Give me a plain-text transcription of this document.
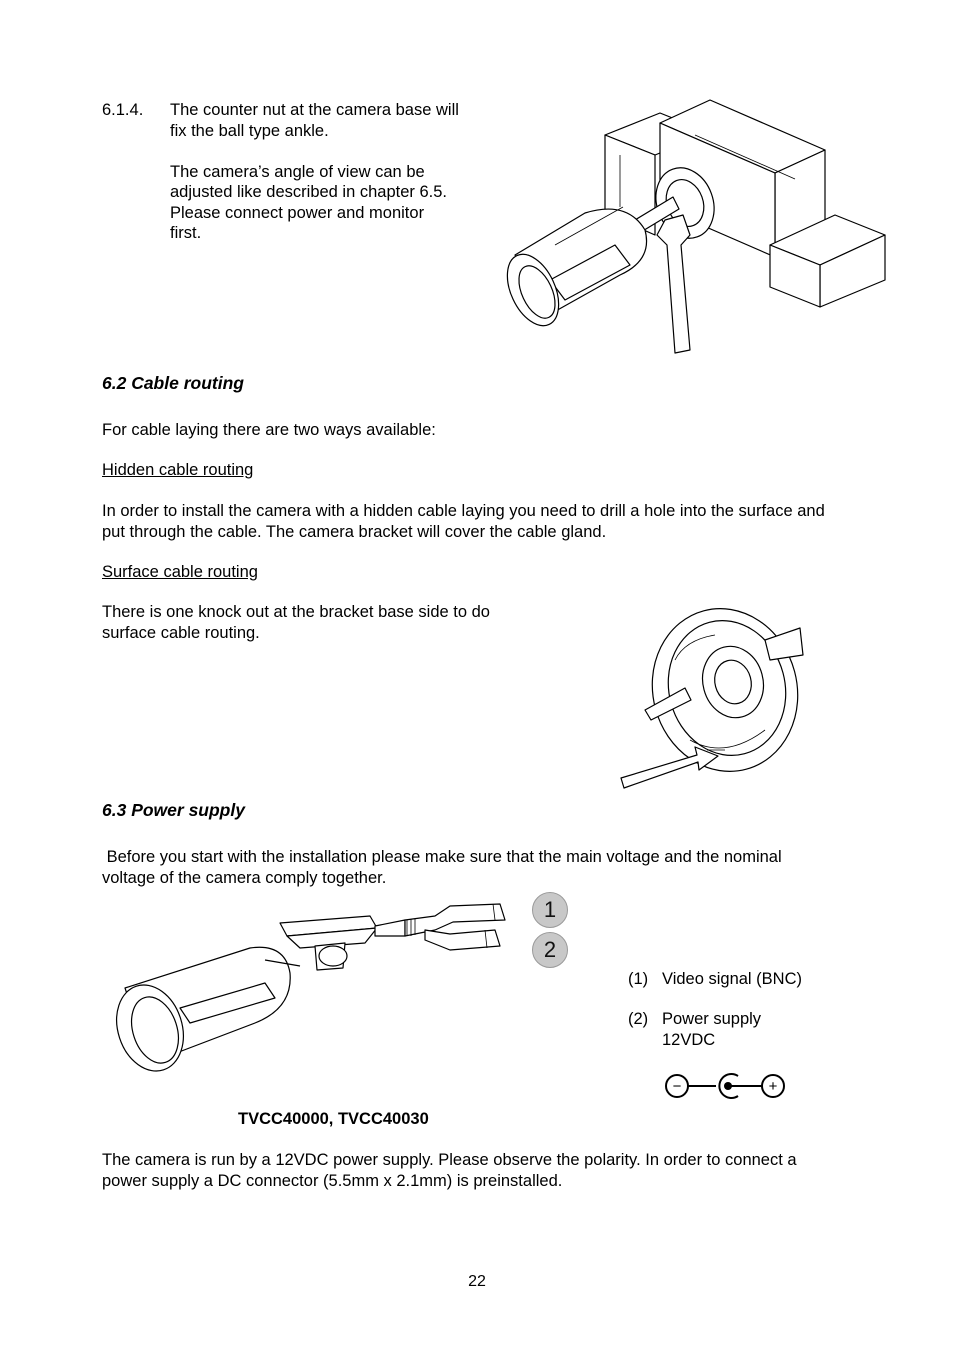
6.1.4. The counter nut at the camera base will
fix the ball type ankle.
The camera’s angle of view can be
adjusted like described in chapter 6.5.
Please connect power and monitor
first.
6.2 Cable routing
For cable laying there are two ways available:
Hidden cable routing
In order to install the camera with a hidden cable laying you need to drill a hole into the surface and
put through the cable. The camera bracket will cover the cable gland.
Surface cable routing
There is one knock out at the bracket base side to do
surface cable routing.
6.3 Power supply
Before you start with the installation please make sure that the main voltage and the nominal
voltage of the camera comply together.
1
2
(1) Video signal (BNC)
(2) Power supply
12VDC
−	+
TVCC40000, TVCC40030
The camera is run by a 12VDC power supply. Please observe the polarity. In order to connect a
power supply a DC connector (5.5mm x 2.1mm) is preinstalled.
22
